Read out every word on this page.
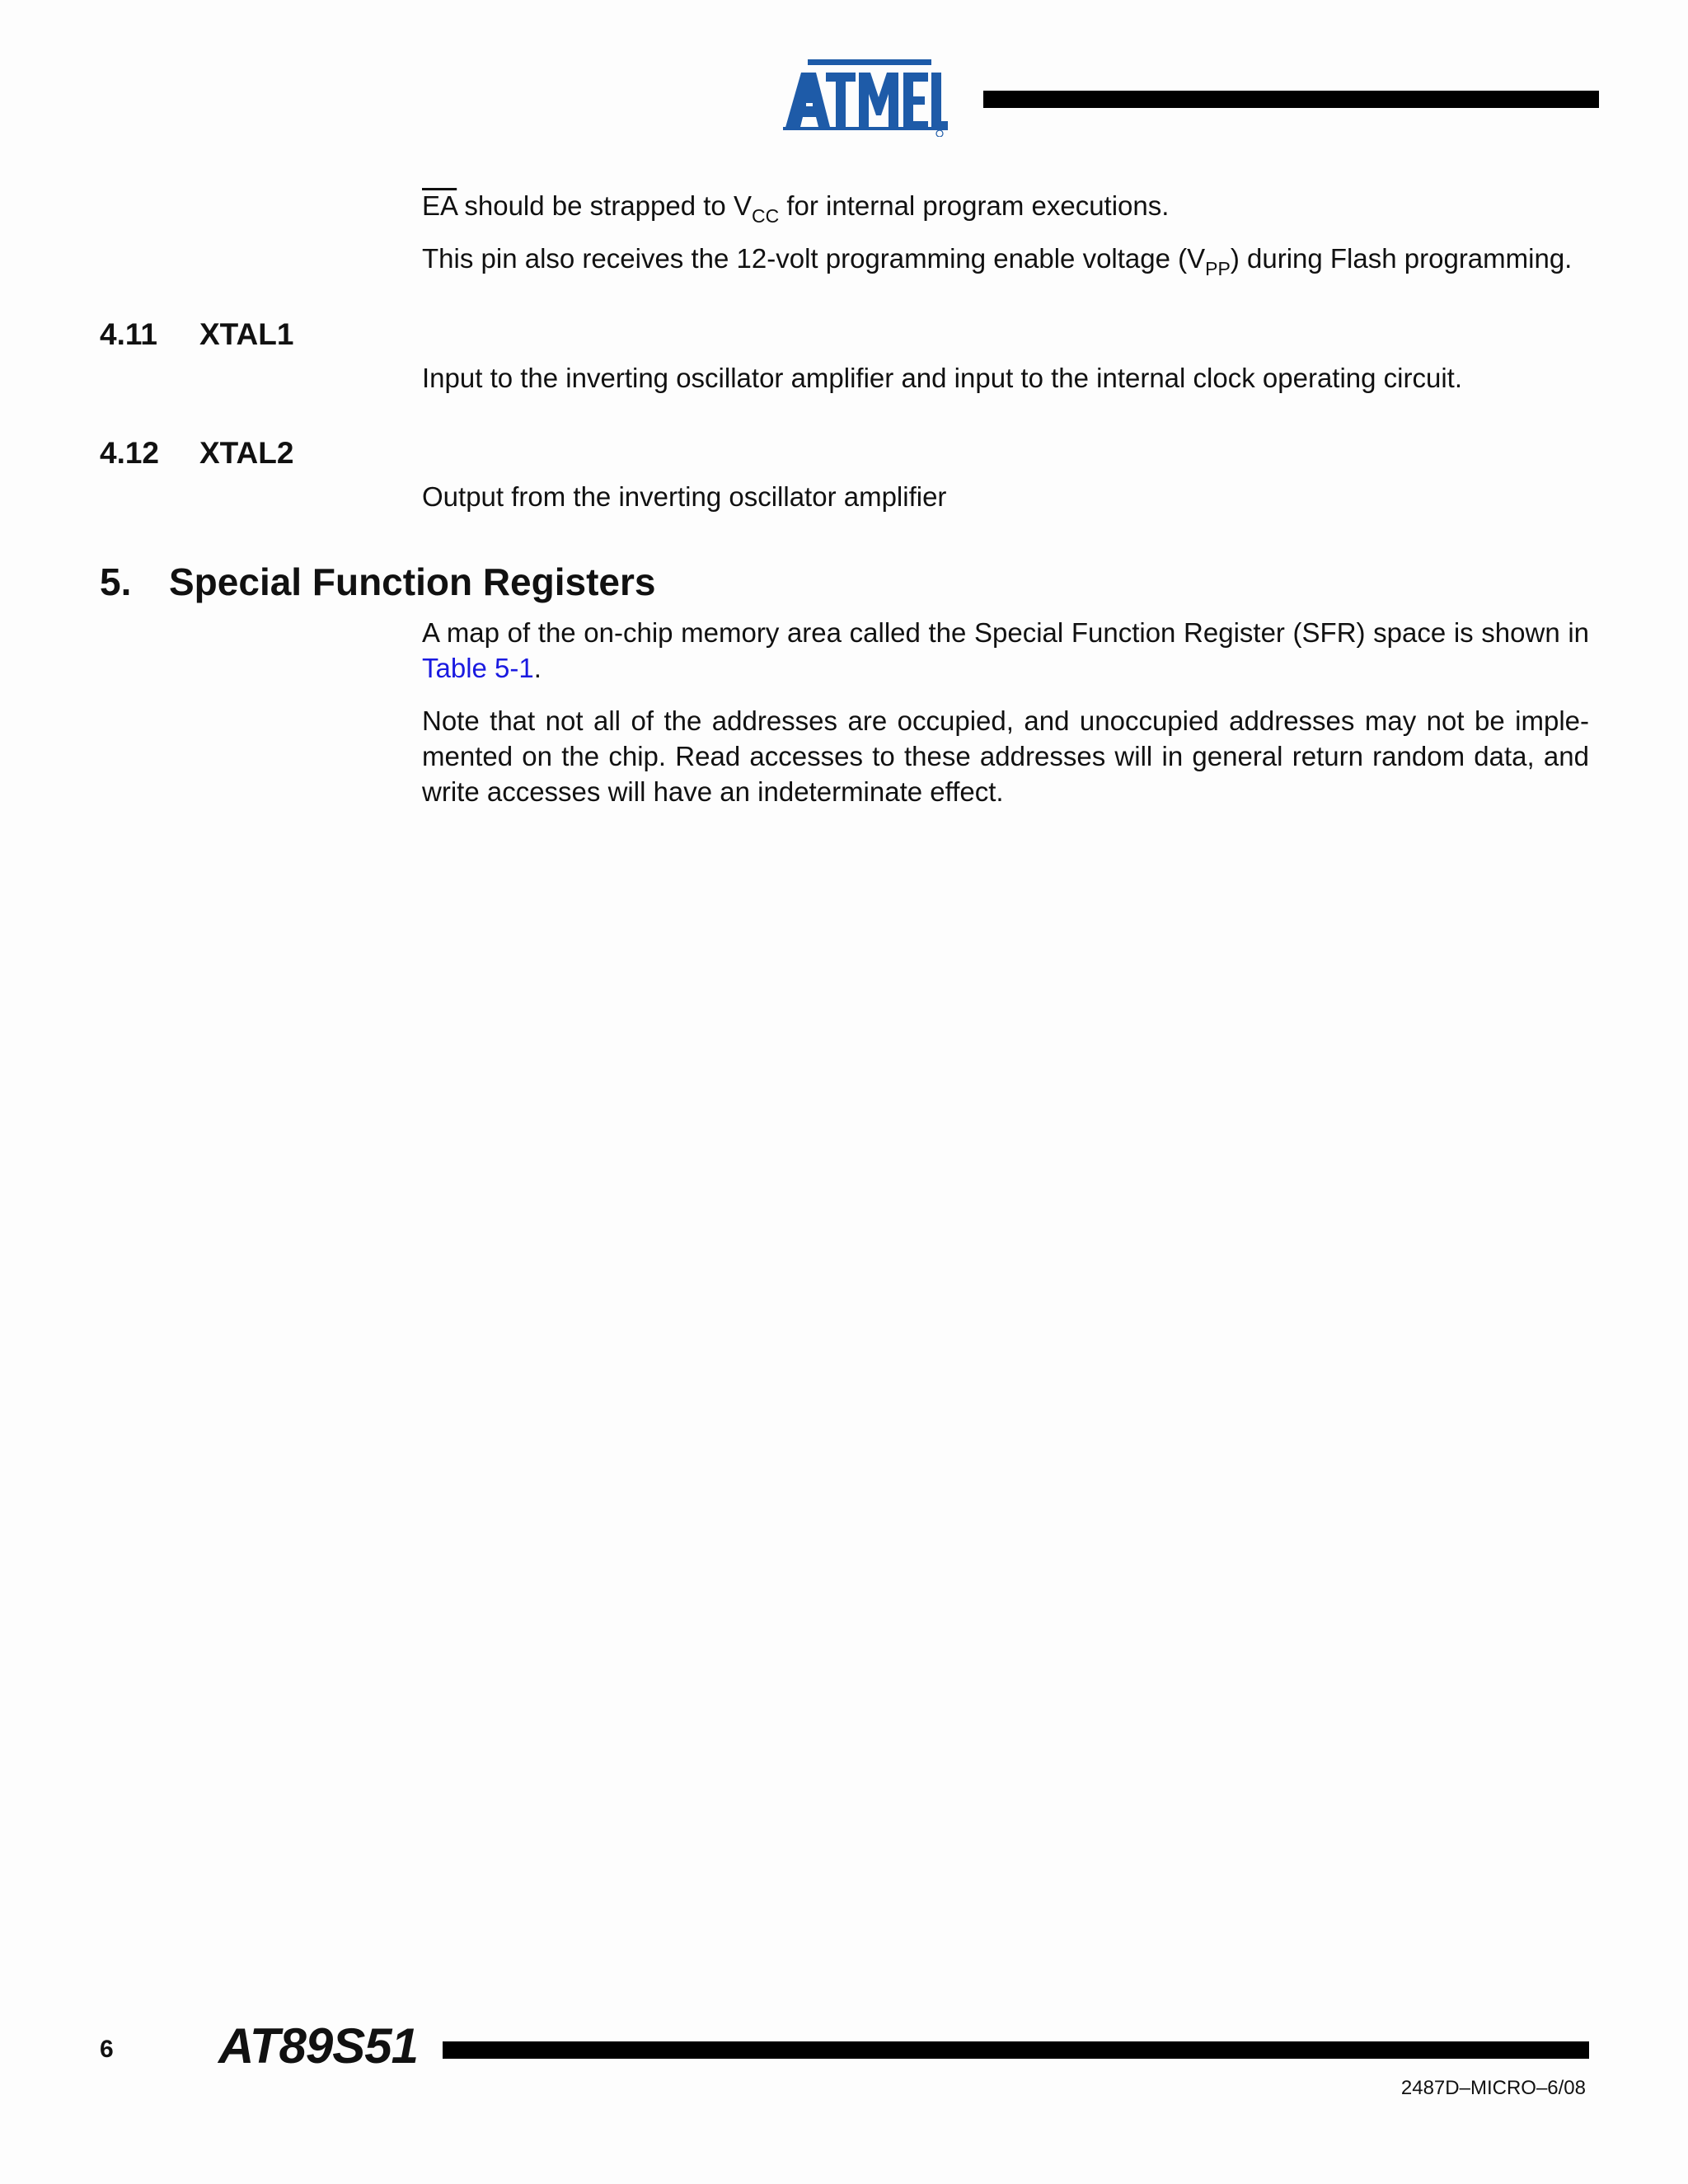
$\overline{EA}$ should be strapped to $V_{CC}$ for internal program executions.

This pin also receives the 12-volt programming enable voltage $(V_{PP})$ during Flash programming.

4.11 XTAL1

Input to the inverting oscillator amplifier and input to the internal clock operating circuit.

4.12 XTAL2

Output from the inverting oscillator amplifier

5. Special Function Registers

A map of the on-chip memory area called the Special Function Register (SFR) space is shown in Table 5-1.

Note that not all of the addresses are occupied, and unoccupied addresses may not be imple-mented on the chip. Read accesses to these addresses will in general return random data, and write accesses will have an indeterminate effect.

6 AT89S51
2487D–MICRO–6/08
